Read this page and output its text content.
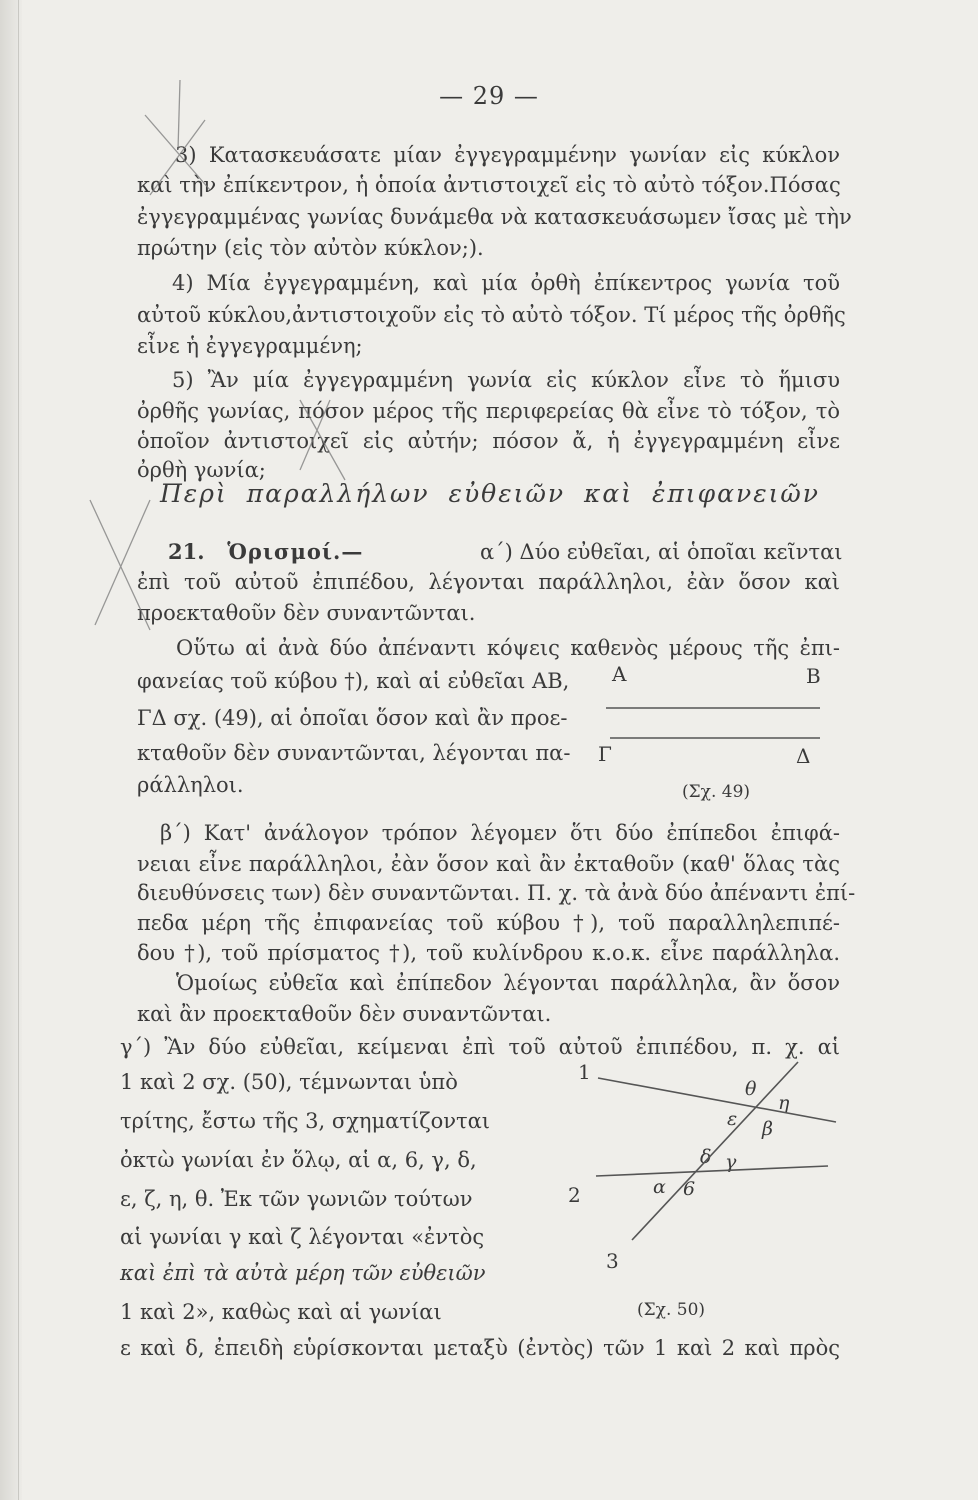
— 29 —
3) Κατασκευάσατε μίαν ἐγγεγραμμένην γωνίαν εἰς κύκλον
καὶ τὴν ἐπίκεντρον, ἡ ὁποία ἀντιστοιχεῖ εἰς τὸ αὐτὸ τόξον.Πόσας
ἐγγεγραμμένας γωνίας δυνάμεθα νὰ κατασκευάσωμεν ἴσας μὲ τὴν
πρώτην (εἰς τὸν αὐτὸν κύκλον;).
4) Μία ἐγγεγραμμένη, καὶ μία ὀρθὴ ἐπίκεντρος γωνία τοῦ
αὐτοῦ κύκλου,ἀντιστοιχοῦν εἰς τὸ αὐτὸ τόξον. Τί μέρος τῆς ὀρθῆς
εἶνε ἡ ἐγγεγραμμένη;
5) Ἂν μία ἐγγεγραμμένη γωνία εἰς κύκλον εἶνε τὸ ἥμισυ
ὀρθῆς γωνίας, πόσον μέρος τῆς περιφερείας θὰ εἶνε τὸ τόξον, τὸ
ὁποῖον ἀντιστοιχεῖ εἰς αὐτήν; πόσον ἄ, ἡ ἐγγεγραμμένη εἶνε
ὀρθὴ γωνία;
Περὶ παραλλήλων εὐθειῶν καὶ ἐπιφανειῶν
21. Ὁρισμοί.—	α΄) Δύο εὐθεῖαι, αἱ ὁποῖαι κεῖνται
ἐπὶ τοῦ αὐτοῦ ἐπιπέδου, λέγονται παράλληλοι, ἐὰν ὅσον καὶ
προεκταθοῦν δὲν συναντῶνται.
Οὕτω αἱ ἀνὰ δύο ἀπέναντι κόψεις καθενὸς μέρους τῆς ἐπι-
φανείας τοῦ κύβου †), καὶ αἱ εὐθεῖαι ΑΒ,
ΓΔ σχ. (49), αἱ ὁποῖαι ὅσον καὶ ἂν προε-
κταθοῦν δὲν συναντῶνται, λέγονται πα-
ράλληλοι.
Α	Β
Γ	Δ
(Σχ. 49)
β΄) Κατ' ἀνάλογον τρόπον λέγομεν ὅτι δύο ἐπίπεδοι ἐπιφά-
νειαι εἶνε παράλληλοι, ἐὰν ὅσον καὶ ἂν ἐκταθοῦν (καθ' ὅλας τὰς
διευθύνσεις των) δὲν συναντῶνται. Π. χ. τὰ ἀνὰ δύο ἀπέναντι ἐπί-
πεδα μέρη τῆς ἐπιφανείας τοῦ κύβου †), τοῦ παραλληλεπιπέ-
δου †), τοῦ πρίσματος †), τοῦ κυλίνδρου κ.ο.κ. εἶνε παράλληλα.
Ὁμοίως εὐθεῖα καὶ ἐπίπεδον λέγονται παράλληλα, ἂν ὅσον
καὶ ἂν προεκταθοῦν δὲν συναντῶνται.
γ΄) Ἂν δύο εὐθεῖαι, κείμεναι ἐπὶ τοῦ αὐτοῦ ἐπιπέδου, π. χ. αἱ
1 καὶ 2 σχ. (50), τέμνωνται ὑπὸ
τρίτης, ἔστω τῆς 3, σχηματίζονται
ὀκτὼ γωνίαι ἐν ὅλῳ, αἱ α, 6, γ, δ,
ε, ζ, η, θ. Ἐκ τῶν γωνιῶν τούτων
αἱ γωνίαι γ καὶ ζ λέγονται «ἐντὸς
καὶ ἐπὶ τὰ αὐτὰ μέρη τῶν εὐθειῶν
1 καὶ 2», καθὼς καὶ αἱ γωνίαι
ε καὶ δ, ἐπειδὴ εὑρίσκονται μεταξὺ (ἐντὸς) τῶν 1 καὶ 2 καὶ πρὸς
1
2
3
θ
η
ε β
δ γ
α 6
(Σχ. 50)
